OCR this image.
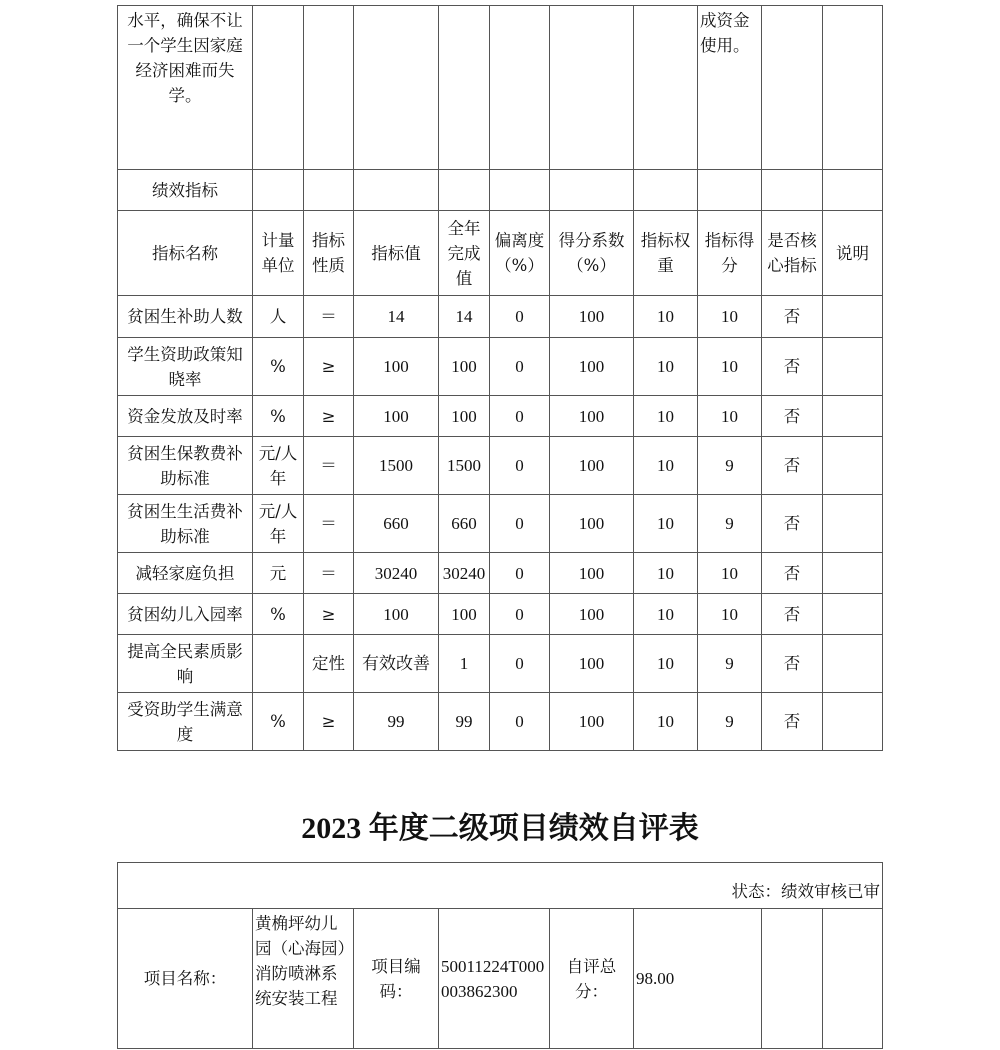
水平，确保不让一个学生因家庭经济困难而失学。								成资金使用。		
绩效指标										
指标名称	计量单位	指标性质	指标值	全年完成值	偏离度（%）	得分系数（%）	指标权重	指标得分	是否核心指标	说明
贫困生补助人数	人	＝	14	14	0	100	10	10	否	
学生资助政策知晓率	%	≥	100	100	0	100	10	10	否	
资金发放及时率	%	≥	100	100	0	100	10	10	否	
贫困生保教费补助标准	元/人年	＝	1500	1500	0	100	10	9	否	
贫困生生活费补助标准	元/人年	＝	660	660	0	100	10	9	否	
减轻家庭负担	元	＝	30240	30240	0	100	10	10	否	
贫困幼儿入园率	%	≥	100	100	0	100	10	10	否	
提高全民素质影响		定性	有效改善	1	0	100	10	9	否	
受资助学生满意度	%	≥	99	99	0	100	10	9	否	
2023 年度二级项目绩效自评表
状态：绩效审核已审
项目名称：	黄桷坪幼儿园（心海园）消防喷淋系统安装工程	项目编码：	50011224T000003862300	自评总分：	98.00		
